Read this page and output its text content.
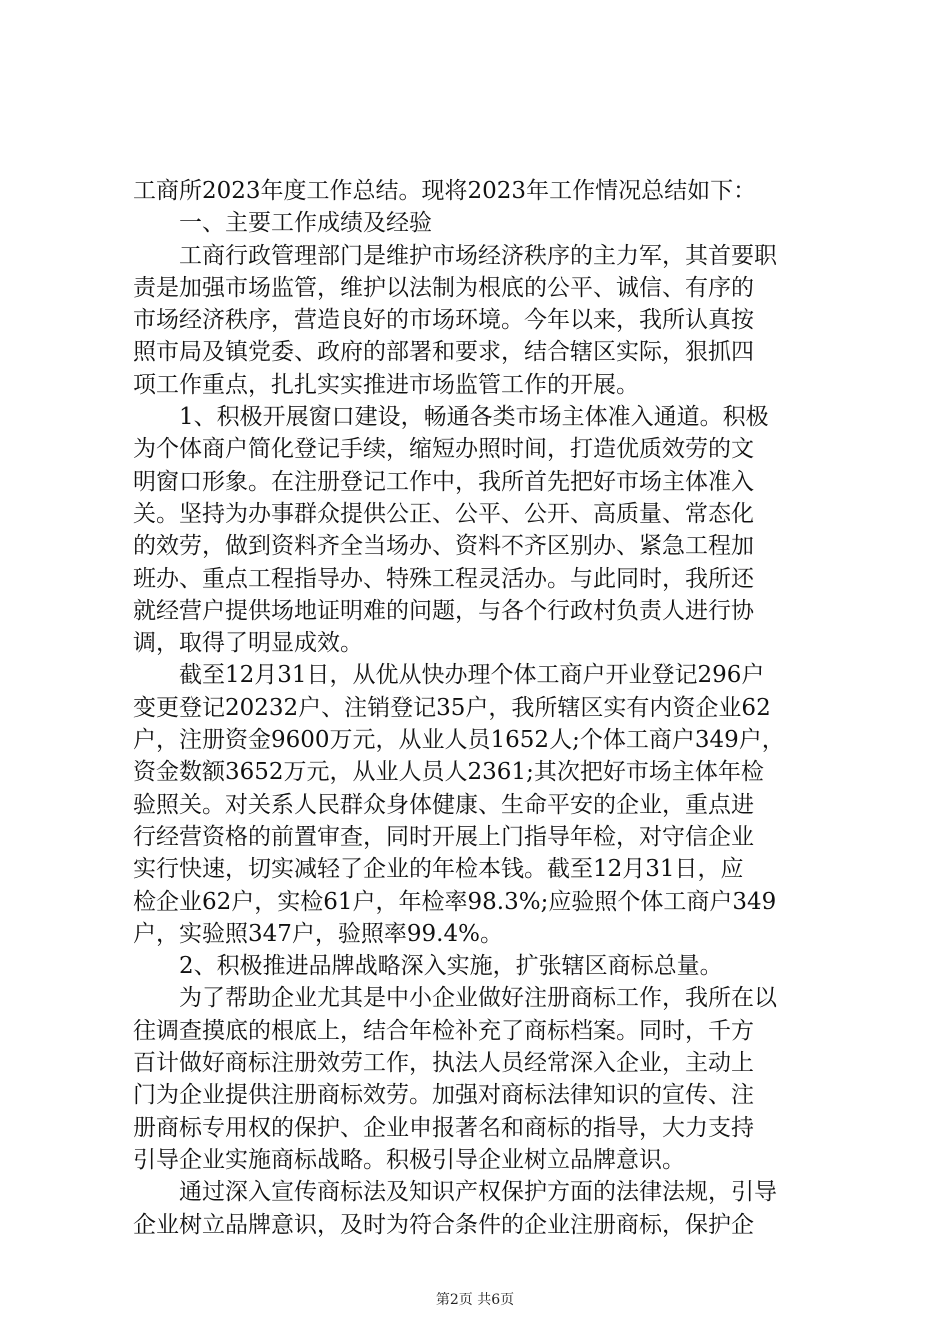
工商所2023年度工作总结。现将2023年工作情况总结如下：
一、主要工作成绩及经验
工商行政管理部门是维护市场经济秩序的主力军，其首要职
责是加强市场监管，维护以法制为根底的公平、诚信、有序的
市场经济秩序，营造良好的市场环境。今年以来，我所认真按
照市局及镇党委、政府的部署和要求，结合辖区实际，狠抓四
项工作重点，扎扎实实推进市场监管工作的开展。
1、积极开展窗口建设，畅通各类市场主体准入通道。积极
为个体商户简化登记手续，缩短办照时间，打造优质效劳的文
明窗口形象。在注册登记工作中，我所首先把好市场主体准入
关。坚持为办事群众提供公正、公平、公开、高质量、常态化
的效劳，做到资料齐全当场办、资料不齐区别办、紧急工程加
班办、重点工程指导办、特殊工程灵活办。与此同时，我所还
就经营户提供场地证明难的问题，与各个行政村负责人进行协
调，取得了明显成效。
截至12月31日，从优从快办理个体工商户开业登记296户
变更登记20232户、注销登记35户，我所辖区实有内资企业62
户，注册资金9600万元，从业人员1652人;个体工商户349户，
资金数额3652万元，从业人员人2361;其次把好市场主体年检
验照关。对关系人民群众身体健康、生命平安的企业，重点进
行经营资格的前置审查，同时开展上门指导年检，对守信企业
实行快速，切实减轻了企业的年检本钱。截至12月31日，应
检企业62户，实检61户，年检率98.3%;应验照个体工商户349
户，实验照347户，验照率99.4%。
2、积极推进品牌战略深入实施，扩张辖区商标总量。
为了帮助企业尤其是中小企业做好注册商标工作，我所在以
往调查摸底的根底上，结合年检补充了商标档案。同时，千方
百计做好商标注册效劳工作，执法人员经常深入企业，主动上
门为企业提供注册商标效劳。加强对商标法律知识的宣传、注
册商标专用权的保护、企业申报著名和商标的指导，大力支持
引导企业实施商标战略。积极引导企业树立品牌意识。
通过深入宣传商标法及知识产权保护方面的法律法规，引导
企业树立品牌意识，及时为符合条件的企业注册商标，保护企
第2页 共6页
